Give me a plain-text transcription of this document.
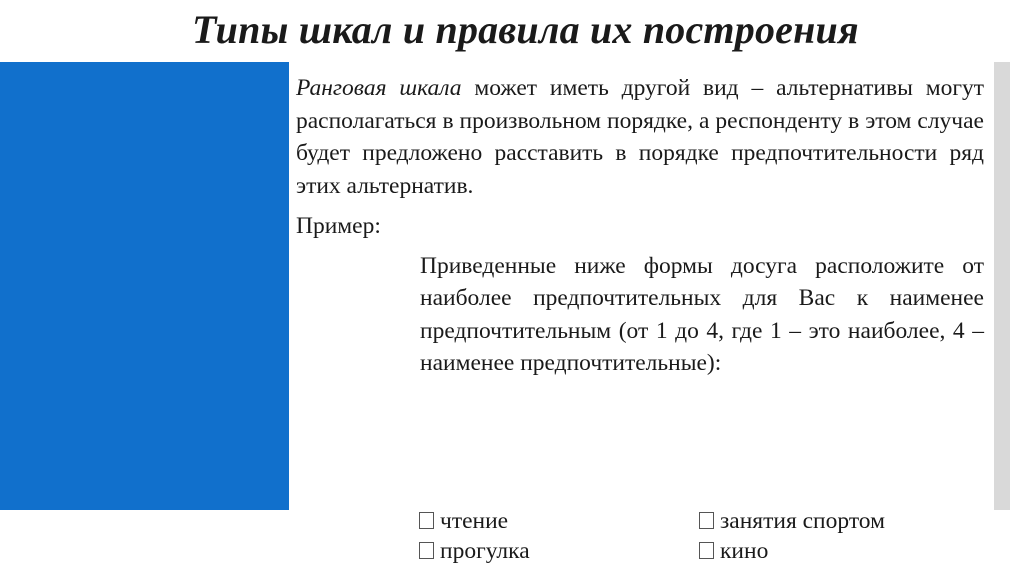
Типы шкал и правила их построения

Ранговая шкала может иметь другой вид – альтернативы могут располагаться в произвольном порядке, а респонденту в этом случае будет предложено расставить в порядке предпочтительности ряд этих альтернатив.

Пример:
Приведенные ниже формы досуга расположите от наиболее предпочтительных для Вас к наименее предпочтительным (от 1 до 4, где 1 – это наиболее, 4 – наименее предпочтительные):
чтение	занятия спортом
прогулка	кино
